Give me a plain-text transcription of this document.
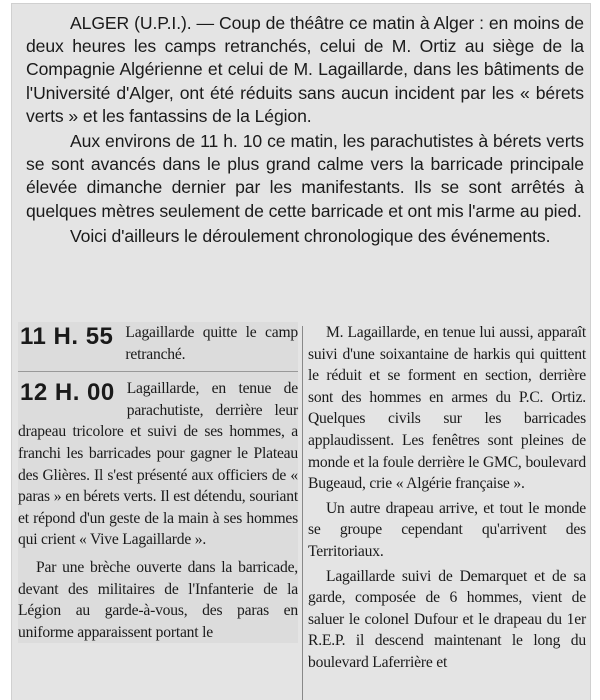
ALGER (U.P.I.). — Coup de théâtre ce matin à Alger : en moins de deux heures les camps retranchés, celui de M. Ortiz au siège de la Compagnie Algérienne et celui de M. Lagaillarde, dans les bâtiments de l'Université d'Alger, ont été réduits sans aucun incident par les « bérets verts » et les fantassins de la Légion.

Aux environs de 11 h. 10 ce matin, les parachutistes à bérets verts se sont avancés dans le plus grand calme vers la barricade principale élevée dimanche dernier par les manifestants. Ils se sont arrêtés à quelques mètres seulement de cette barricade et ont mis l'arme au pied.

Voici d'ailleurs le déroulement chronologique des événements.

11 H. 55 Lagaillarde quitte le camp retranché.
12 H. 00 Lagaillarde, en tenue de parachutiste, derrière leur drapeau tricolore et suivi de ses hommes, a franchi les barricades pour gagner le Plateau des Glières. Il s'est présenté aux officiers de « paras » en bérets verts. Il est détendu, souriant et répond d'un geste de la main à ses hommes qui crient « Vive Lagaillarde ».

Par une brèche ouverte dans la barricade, devant des militaires de l'Infanterie de la Légion au garde-à-vous, des paras en uniforme apparaissent portant le

M. Lagaillarde, en tenue lui aussi, apparaît suivi d'une soixantaine de harkis qui quittent le réduit et se forment en section, derrière sont des hommes en armes du P.C. Ortiz. Quelques civils sur les barricades applaudissent. Les fenêtres sont pleines de monde et la foule derrière le GMC, boulevard Bugeaud, crie « Algérie française ».

Un autre drapeau arrive, et tout le monde se groupe cependant qu'arrivent des Territoriaux.

Lagaillarde suivi de Demarquet et de sa garde, composée de 6 hommes, vient de saluer le colonel Dufour et le drapeau du 1er R.E.P. il descend maintenant le long du boulevard Laferrière et
